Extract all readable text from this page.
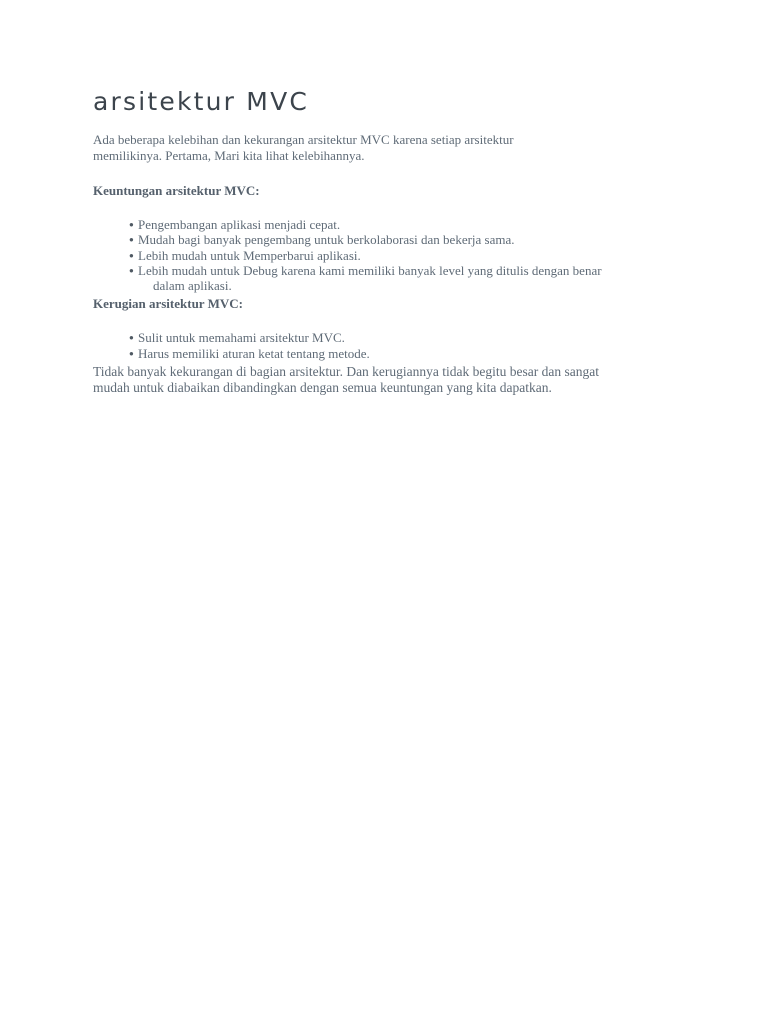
arsitektur MVC

Ada beberapa kelebihan dan kekurangan arsitektur MVC karena setiap arsitektur
memilikinya. Pertama, Mari kita lihat kelebihannya.

Keuntungan arsitektur MVC:
● Pengembangan aplikasi menjadi cepat.
● Mudah bagi banyak pengembang untuk berkolaborasi dan bekerja sama.
● Lebih mudah untuk Memperbarui aplikasi.
● Lebih mudah untuk Debug karena kami memiliki banyak level yang ditulis dengan benar
dalam aplikasi.
Kerugian arsitektur MVC:
● Sulit untuk memahami arsitektur MVC.
● Harus memiliki aturan ketat tentang metode.

Tidak banyak kekurangan di bagian arsitektur. Dan kerugiannya tidak begitu besar dan sangat
mudah untuk diabaikan dibandingkan dengan semua keuntungan yang kita dapatkan.
